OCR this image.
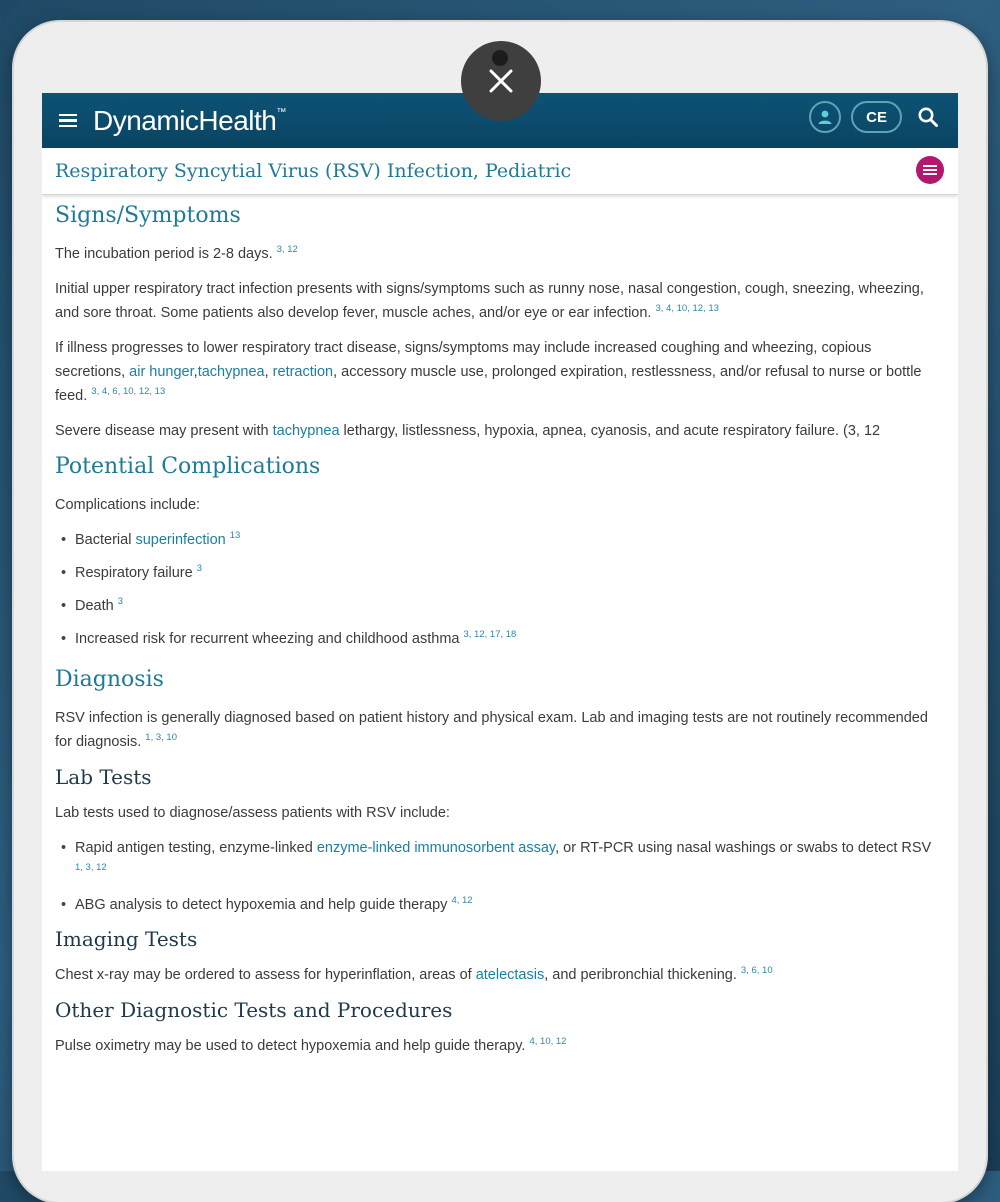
DynamicHealth™	CE
Respiratory Syncytial Virus (RSV) Infection, Pediatric
Signs/Symptoms

The incubation period is 2-8 days. $^{3, 12}$

Initial upper respiratory tract infection presents with signs/symptoms such as runny nose, nasal congestion, cough, sneezing, wheezing, and sore throat. Some patients also develop fever, muscle aches, and/or eye or ear infection. $^{3, 4, 10, 12, 13}$

If illness progresses to lower respiratory tract disease, signs/symptoms may include increased coughing and wheezing, copious secretions, air hunger,tachypnea, retraction, accessory muscle use, prolonged expiration, restlessness, and/or refusal to nurse or bottle feed. $^{3, 4, 6, 10, 12, 13}$

Severe disease may present with tachypnea lethargy, listlessness, hypoxia, apnea, cyanosis, and acute respiratory failure. (3, 12

Potential Complications

Complications include:

• Bacterial superinfection $^{13}$
• Respiratory failure $^3$
• Death $^3$
• Increased risk for recurrent wheezing and childhood asthma $^{3, 12, 17, 18}$
Diagnosis

RSV infection is generally diagnosed based on patient history and physical exam. Lab and imaging tests are not routinely recommended for diagnosis. $^{1, 3, 10}$

Lab Tests

Lab tests used to diagnose/assess patients with RSV include:

• Rapid antigen testing, enzyme-linked enzyme-linked immunosorbent assay, or RT-PCR using nasal washings or swabs to detect RSV $^{1, 3, 12}$
• ABG analysis to detect hypoxemia and help guide therapy $^{4, 12}$
Imaging Tests

Chest x-ray may be ordered to assess for hyperinflation, areas of atelectasis, and peribronchial thickening. $^{3, 6, 10}$

Other Diagnostic Tests and Procedures

Pulse oximetry may be used to detect hypoxemia and help guide therapy. $^{4, 10, 12}$
